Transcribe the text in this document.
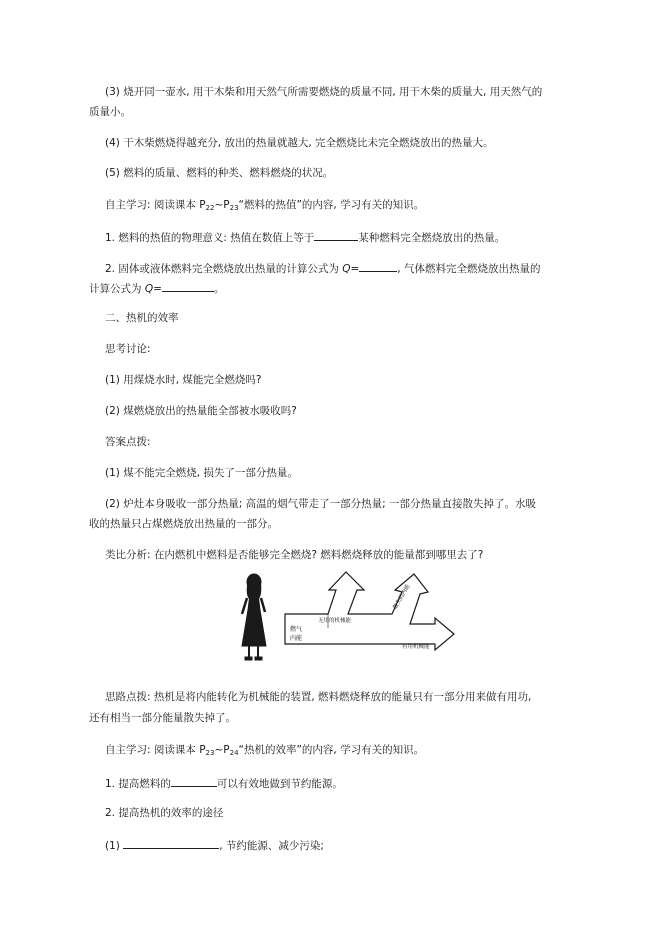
(3) 烧开同一壶水, 用干木柴和用天然气所需要燃烧的质量不同, 用干木柴的质量大, 用天然气的
质量小。
(4) 干木柴燃烧得越充分, 放出的热量就越大, 完全燃烧比未完全燃烧放出的热量大。
(5) 燃料的质量、燃料的种类、燃料燃烧的状况。
自主学习: 阅读课本 $P_{22}\sim P_{23}“$燃料的热值”的内容, 学习有关的知识。
1. 燃料的热值的物理意义: 热值在数值上等于	某种燃料完全燃烧放出的热量。
2. 固体或液体燃料完全燃烧放出热量的计算公式为 Q=	, 气体燃料完全燃烧放出热量的
计算公式为 Q=	。
二、热机的效率
思考讨论:
(1) 用煤烧水时, 煤能完全燃烧吗?
(2) 煤燃烧放出的热量能全部被水吸收吗?
答案点拨:
(1) 煤不能完全燃烧, 损失了一部分热量。
(2) 炉灶本身吸收一部分热量; 高温的烟气带走了一部分热量; 一部分热量直接散失掉了。水吸
收的热量只占煤燃烧放出热量的一部分。
类比分析: 在内燃机中燃料是否能够完全燃烧? 燃料燃烧释放的能量都到哪里去了?
燃气
内能
无用的机械能
散失的内能
有用机械能
思路点拨: 热机是将内能转化为机械能的装置, 燃料燃烧释放的能量只有一部分用来做有用功,
还有相当一部分能量散失掉了。
自主学习: 阅读课本 $P_{23}\sim P_{24}“$热机的效率”的内容, 学习有关的知识。
1. 提高燃料的	可以有效地做到节约能源。
2. 提高热机的效率的途径
(1)	, 节约能源、减少污染;
